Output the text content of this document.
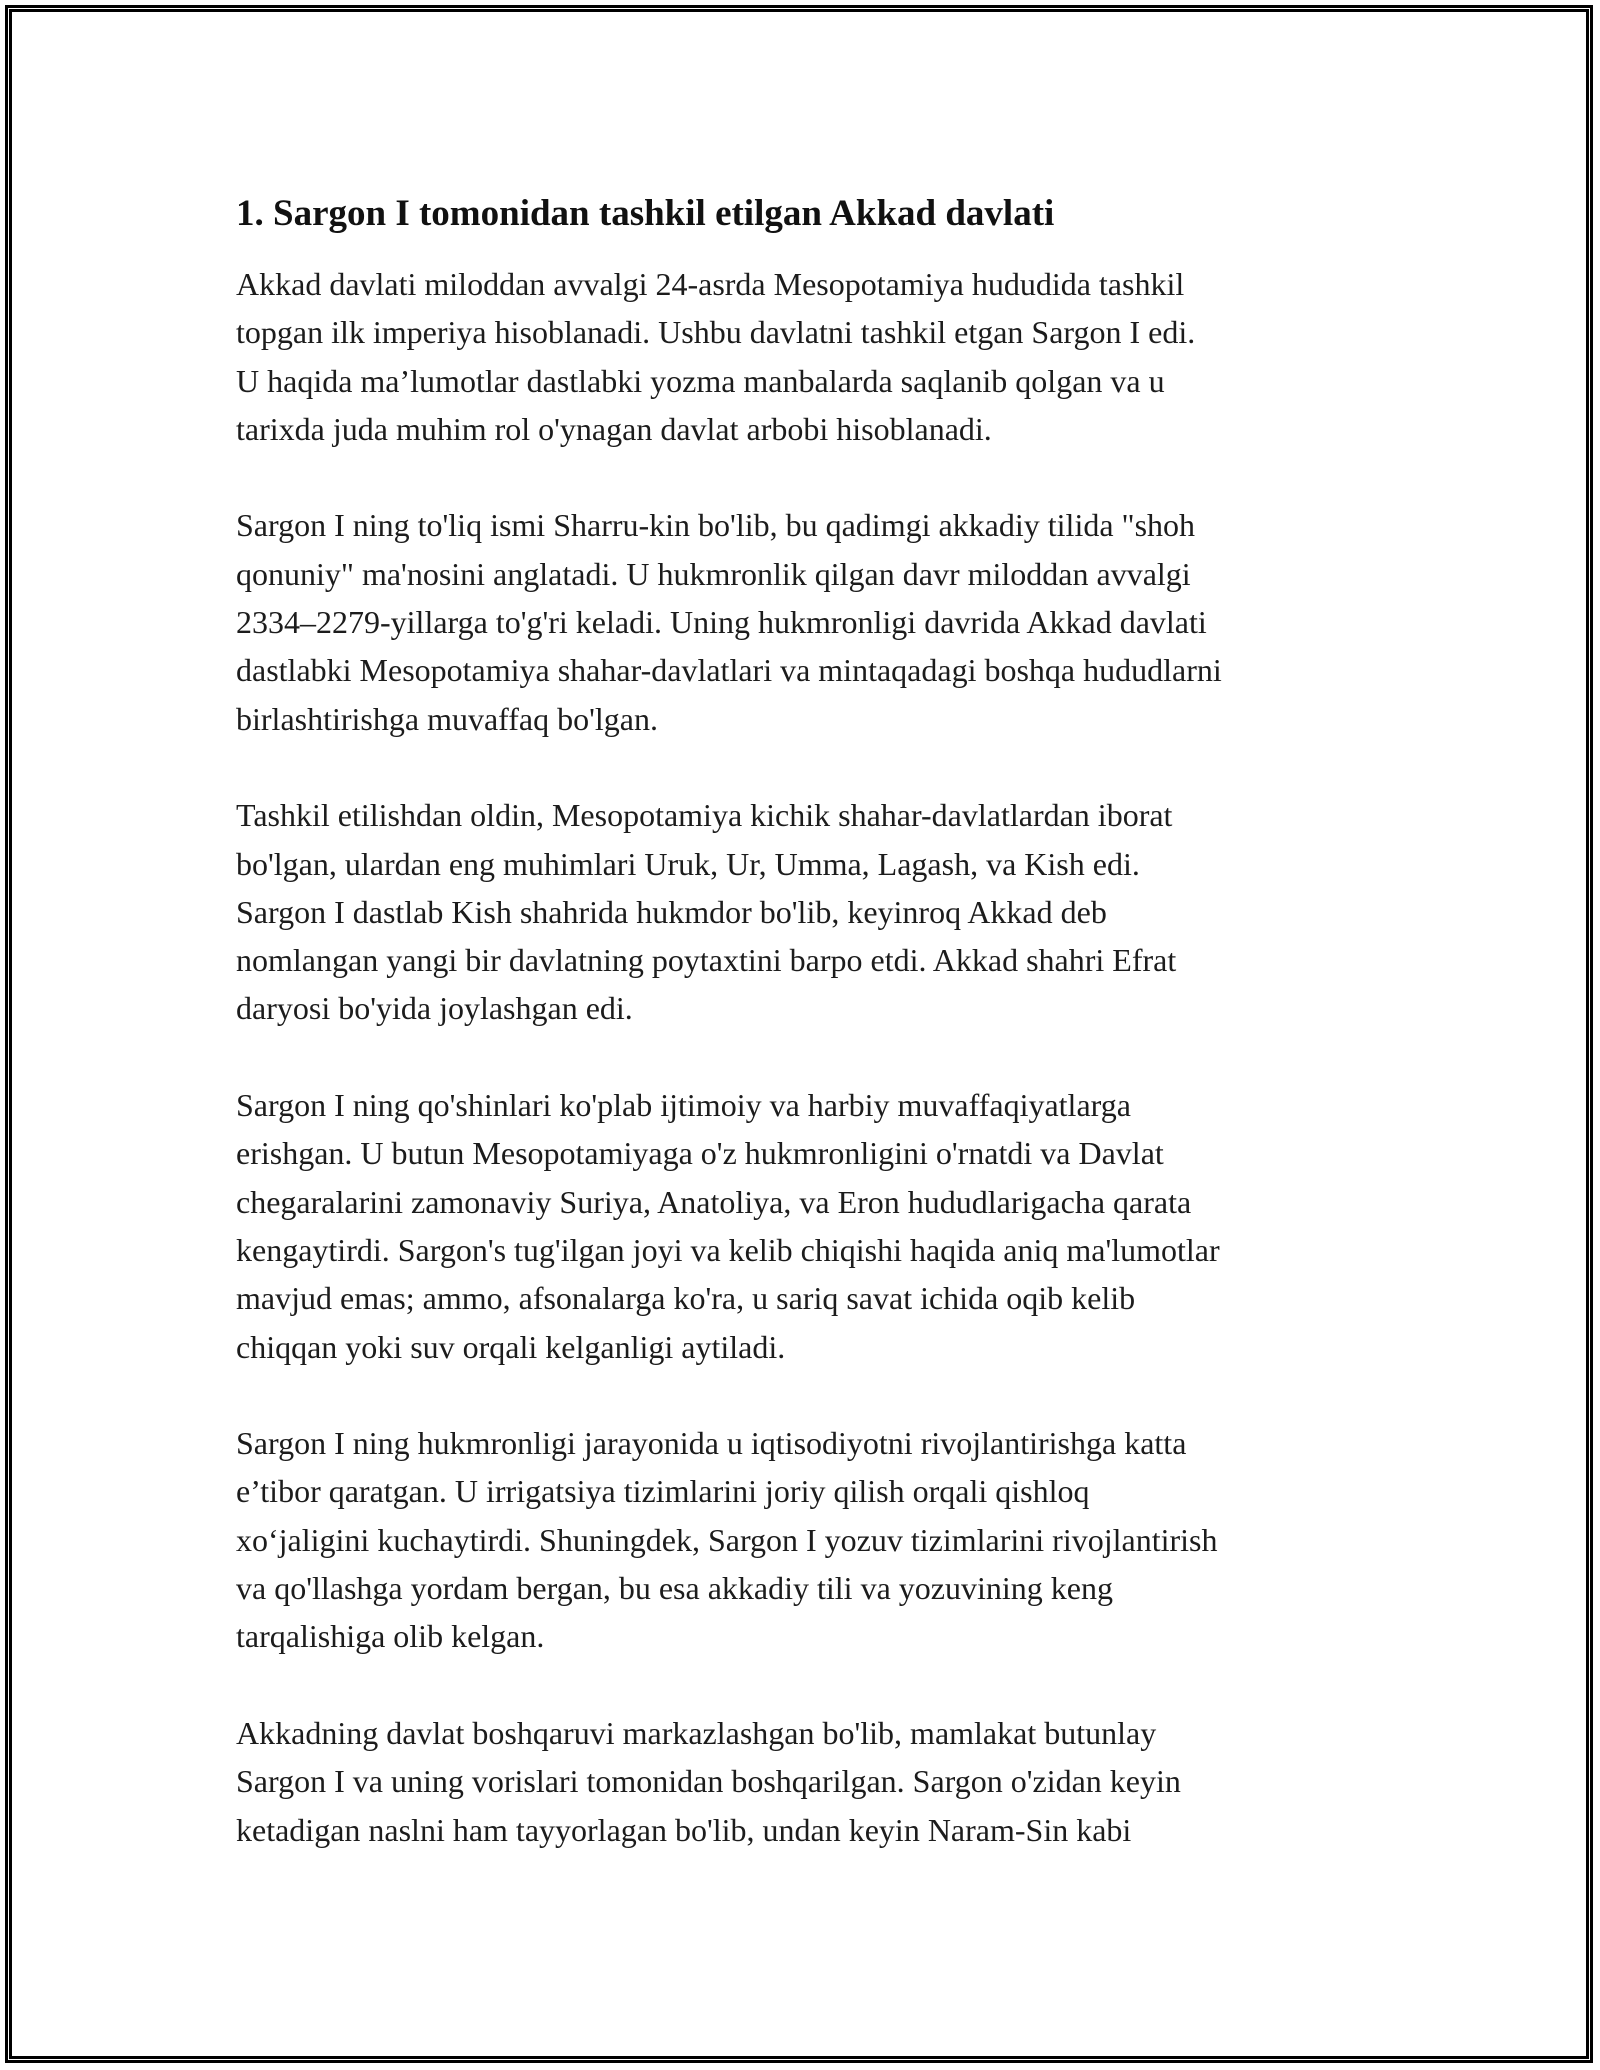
1. Sargon I tomonidan tashkil etilgan Akkad davlati

Akkad davlati miloddan avvalgi 24-asrda Mesopotamiya hududida tashkil
topgan ilk imperiya hisoblanadi. Ushbu davlatni tashkil etgan Sargon I edi.
U haqida ma’lumotlar dastlabki yozma manbalarda saqlanib qolgan va u
tarixda juda muhim rol o'ynagan davlat arbobi hisoblanadi.

Sargon I ning to'liq ismi Sharru-kin bo'lib, bu qadimgi akkadiy tilida "shoh
qonuniy" ma'nosini anglatadi. U hukmronlik qilgan davr miloddan avvalgi
2334–2279-yillarga to'g'ri keladi. Uning hukmronligi davrida Akkad davlati
dastlabki Mesopotamiya shahar-davlatlari va mintaqadagi boshqa hududlarni
birlashtirishga muvaffaq bo'lgan.

Tashkil etilishdan oldin, Mesopotamiya kichik shahar-davlatlardan iborat
bo'lgan, ulardan eng muhimlari Uruk, Ur, Umma, Lagash, va Kish edi.
Sargon I dastlab Kish shahrida hukmdor bo'lib, keyinroq Akkad deb
nomlangan yangi bir davlatning poytaxtini barpo etdi. Akkad shahri Efrat
daryosi bo'yida joylashgan edi.

Sargon I ning qo'shinlari ko'plab ijtimoiy va harbiy muvaffaqiyatlarga
erishgan. U butun Mesopotamiyaga o'z hukmronligini o'rnatdi va Davlat
chegaralarini zamonaviy Suriya, Anatoliya, va Eron hududlarigacha qarata
kengaytirdi. Sargon's tug'ilgan joyi va kelib chiqishi haqida aniq ma'lumotlar
mavjud emas; ammo, afsonalarga ko'ra, u sariq savat ichida oqib kelib
chiqqan yoki suv orqali kelganligi aytiladi.

Sargon I ning hukmronligi jarayonida u iqtisodiyotni rivojlantirishga katta
e’tibor qaratgan. U irrigatsiya tizimlarini joriy qilish orqali qishloq
xo‘jaligini kuchaytirdi. Shuningdek, Sargon I yozuv tizimlarini rivojlantirish
va qo'llashga yordam bergan, bu esa akkadiy tili va yozuvining keng
tarqalishiga olib kelgan.

Akkadning davlat boshqaruvi markazlashgan bo'lib, mamlakat butunlay
Sargon I va uning vorislari tomonidan boshqarilgan. Sargon o'zidan keyin
ketadigan naslni ham tayyorlagan bo'lib, undan keyin Naram-Sin kabi
